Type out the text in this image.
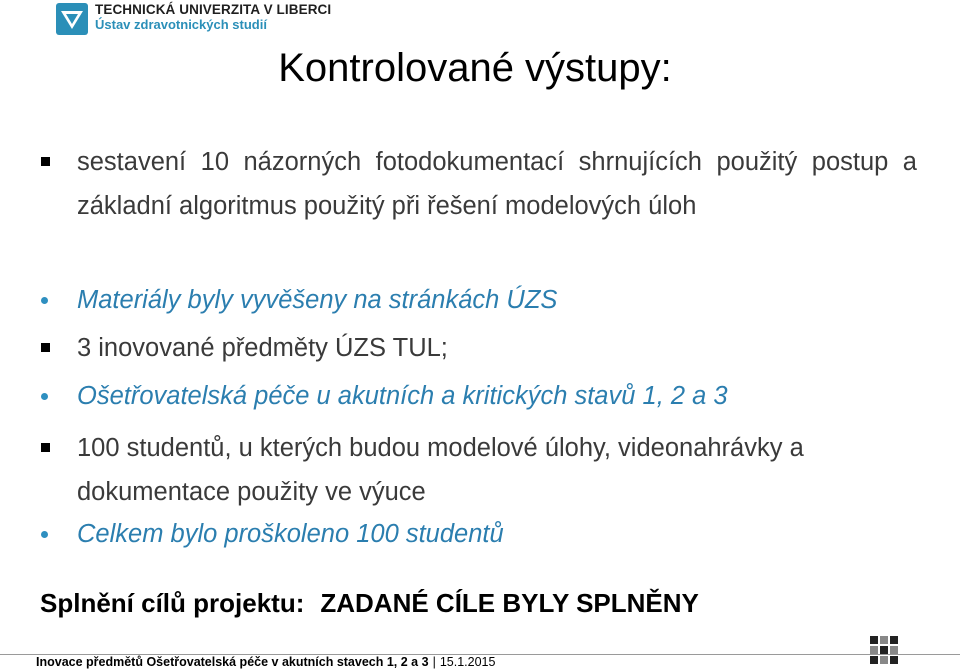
TECHNICKÁ UNIVERZITA V LIBERCI
Ústav zdravotnických studií
Kontrolované výstupy:
sestavení 10 názorných fotodokumentací shrnujících použitý postup a základní algoritmus použitý při řešení modelových úloh
Materiály byly vyvěšeny na stránkách ÚZS
3 inovované předměty ÚZS TUL;
Ošetřovatelská péče u akutních a kritických stavů 1, 2 a 3
100 studentů, u kterých budou modelové úlohy, videonahrávky a dokumentace použity ve výuce
Celkem bylo proškoleno 100 studentů
Splnění cílů projektu: ZADANÉ CÍLE BYLY SPLNĚNY
Inovace předmětů Ošetřovatelská péče v akutních stavech 1, 2 a 3 | 15.1.2015
